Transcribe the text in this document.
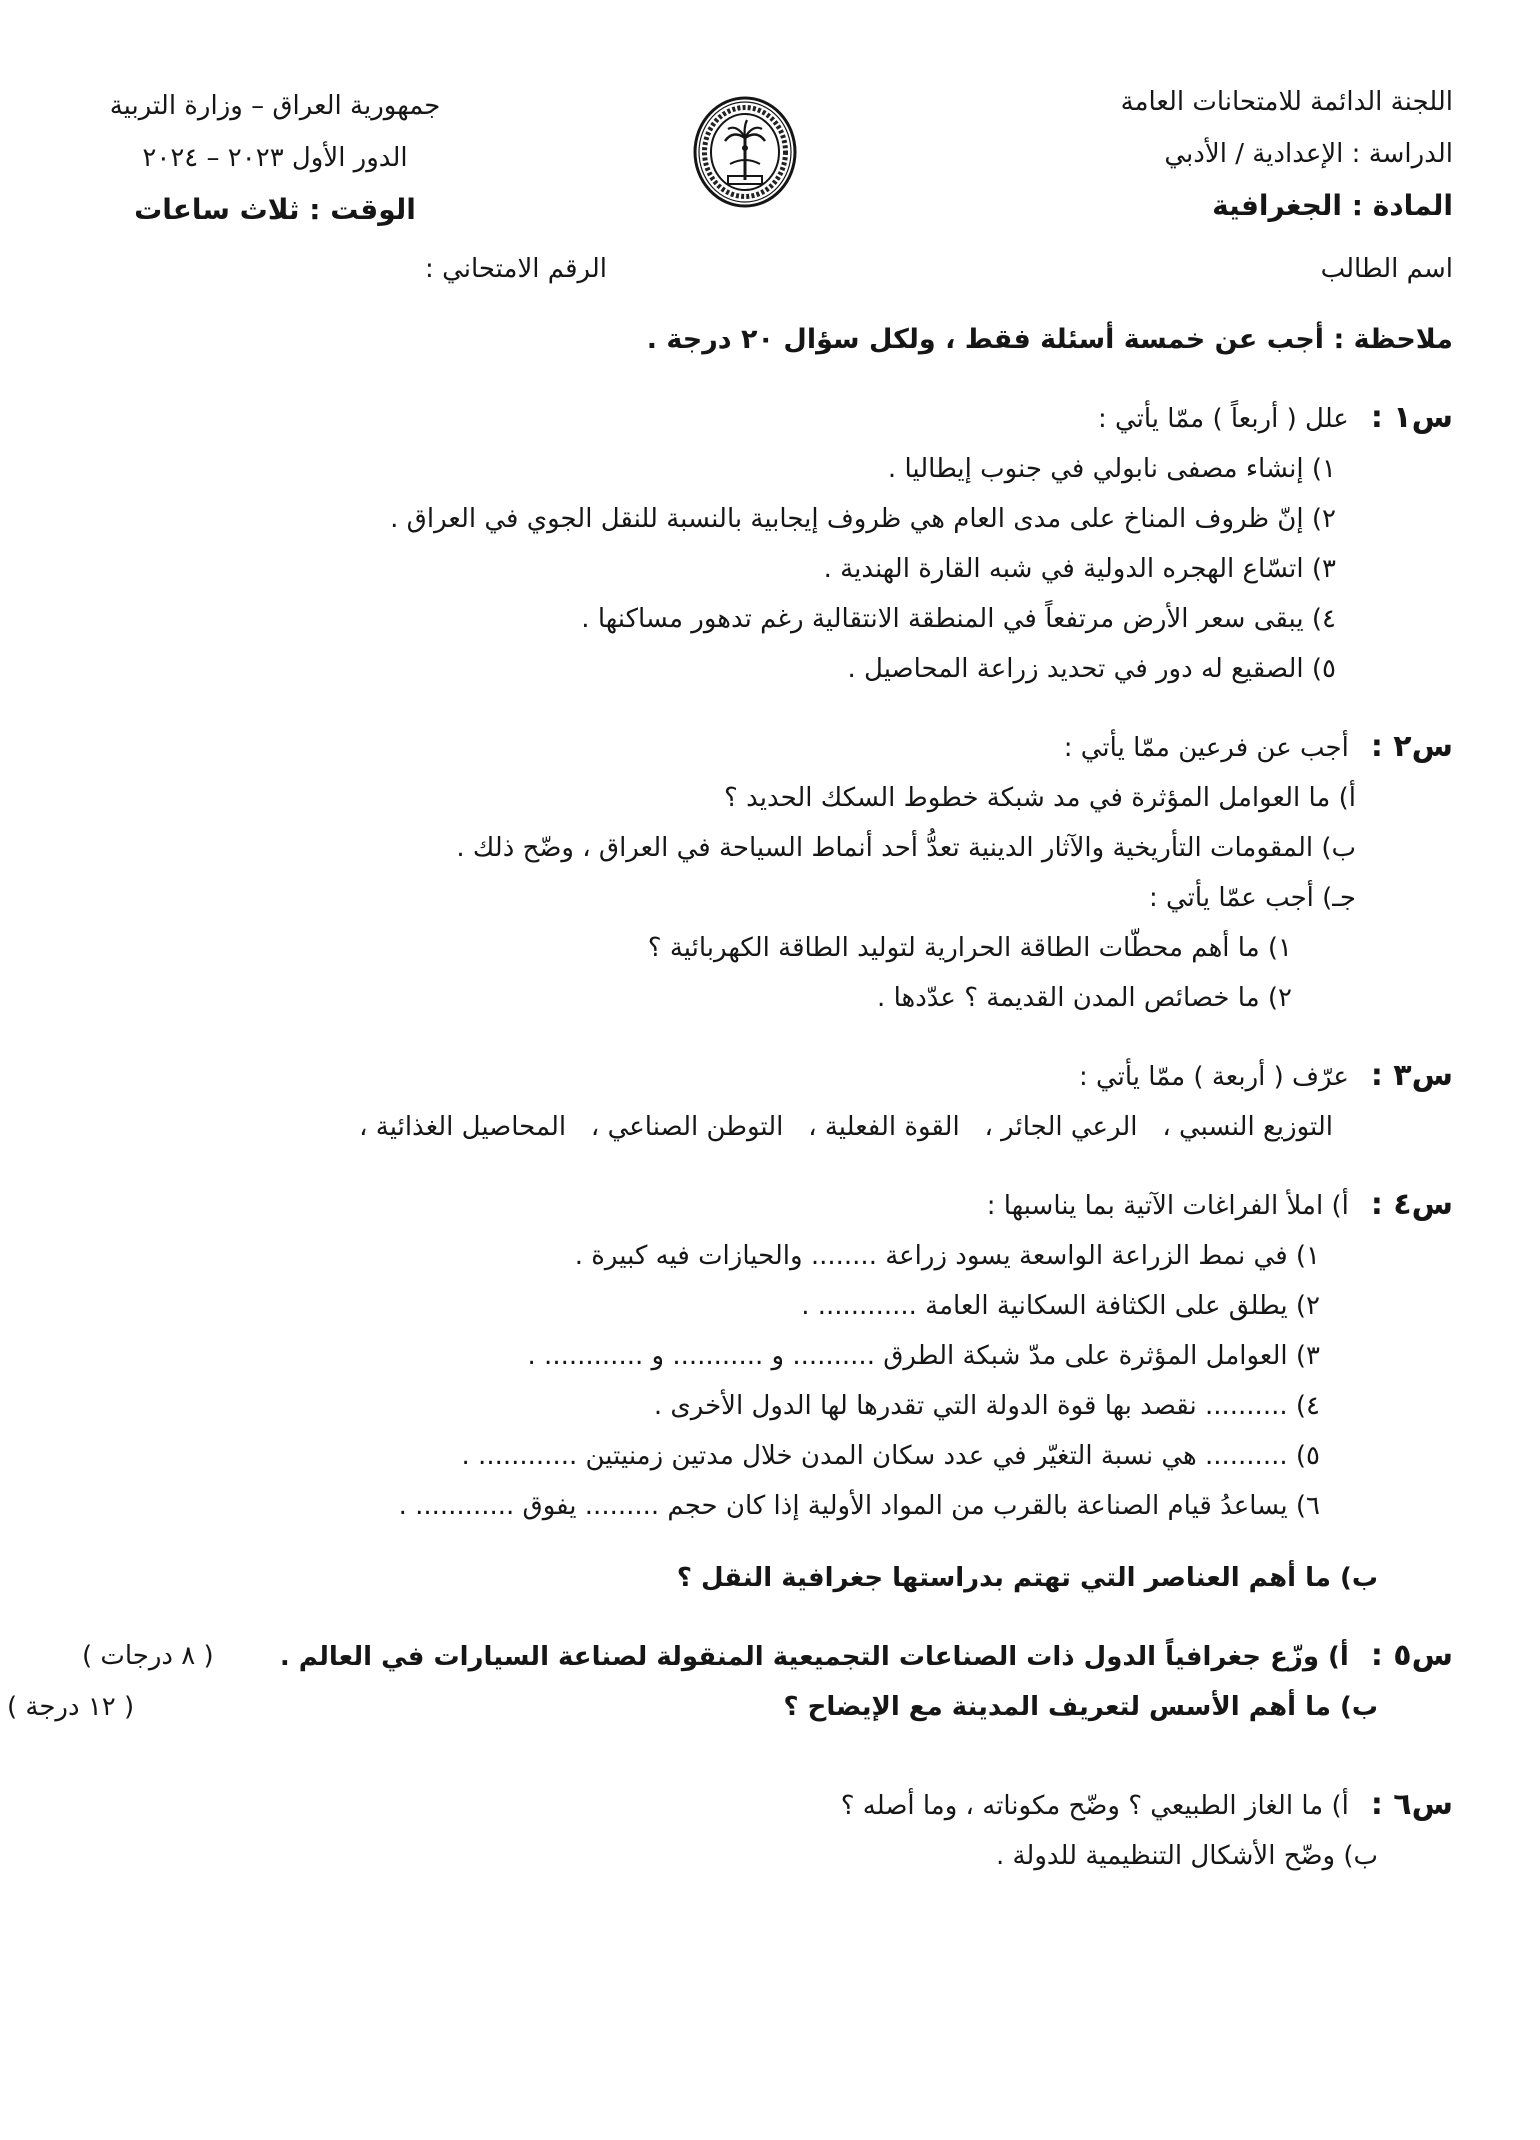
اللجنة الدائمة للامتحانات العامة
الدراسة : الإعدادية / الأدبي
المادة : الجغرافية
جمهورية العراق – وزارة التربية
الدور الأول ٢٠٢٣ – ٢٠٢٤
الوقت : ثلاث ساعات
اسم الطالب
الرقم الامتحاني :
ملاحظة : أجب عن خمسة أسئلة فقط ، ولكل سؤال ٢٠ درجة .
س١ :علل ( أربعاً ) ممّا يأتي :
١) إنشاء مصفى نابولي في جنوب إيطاليا .
٢) إنّ ظروف المناخ على مدى العام هي ظروف إيجابية بالنسبة للنقل الجوي في العراق .
٣) اتسّاع الهجره الدولية في شبه القارة الهندية .
٤) يبقى سعر الأرض مرتفعاً في المنطقة الانتقالية رغم تدهور مساكنها .
٥) الصقيع له دور في تحديد زراعة المحاصيل .
س٢ :أجب عن فرعين ممّا يأتي :
أ) ما العوامل المؤثرة في مد شبكة خطوط السكك الحديد ؟
ب) المقومات التأريخية والآثار الدينية تعدُّ أحد أنماط السياحة في العراق ، وضّح ذلك .
جـ) أجب عمّا يأتي :
١) ما أهم محطّات الطاقة الحرارية لتوليد الطاقة الكهربائية ؟
٢) ما خصائص المدن القديمة ؟ عدّدها .
س٣ :عرّف ( أربعة ) ممّا يأتي :
التوزيع النسبي ،   الرعي الجائر ،   القوة الفعلية ،   التوطن الصناعي ،   المحاصيل الغذائية ،
س٤ :أ) املأ الفراغات الآتية بما يناسبها :
١) في نمط الزراعة الواسعة يسود زراعة ........ والحيازات فيه كبيرة .
٢) يطلق على الكثافة السكانية العامة ............ .
٣) العوامل المؤثرة على مدّ شبكة الطرق .......... و ........... و ............ .
٤) .......... نقصد بها قوة الدولة التي تقدرها لها الدول الأخرى .
٥) .......... هي نسبة التغيّر في عدد سكان المدن خلال مدتين زمنيتين ............ .
٦) يساعدُ قيام الصناعة بالقرب من المواد الأولية إذا كان حجم ......... يفوق ............ .
ب) ما أهم العناصر التي تهتم بدراستها جغرافية النقل ؟
س٥ :أ) وزّع جغرافياً الدول ذات الصناعات التجميعية المنقولة لصناعة السيارات في العالم .
( ٨ درجات )
ب) ما أهم الأسس لتعريف المدينة مع الإيضاح ؟
( ١٢ درجة )
س٦ :أ) ما الغاز الطبيعي ؟ وضّح مكوناته ، وما أصله ؟
ب) وضّح الأشكال التنظيمية للدولة .
